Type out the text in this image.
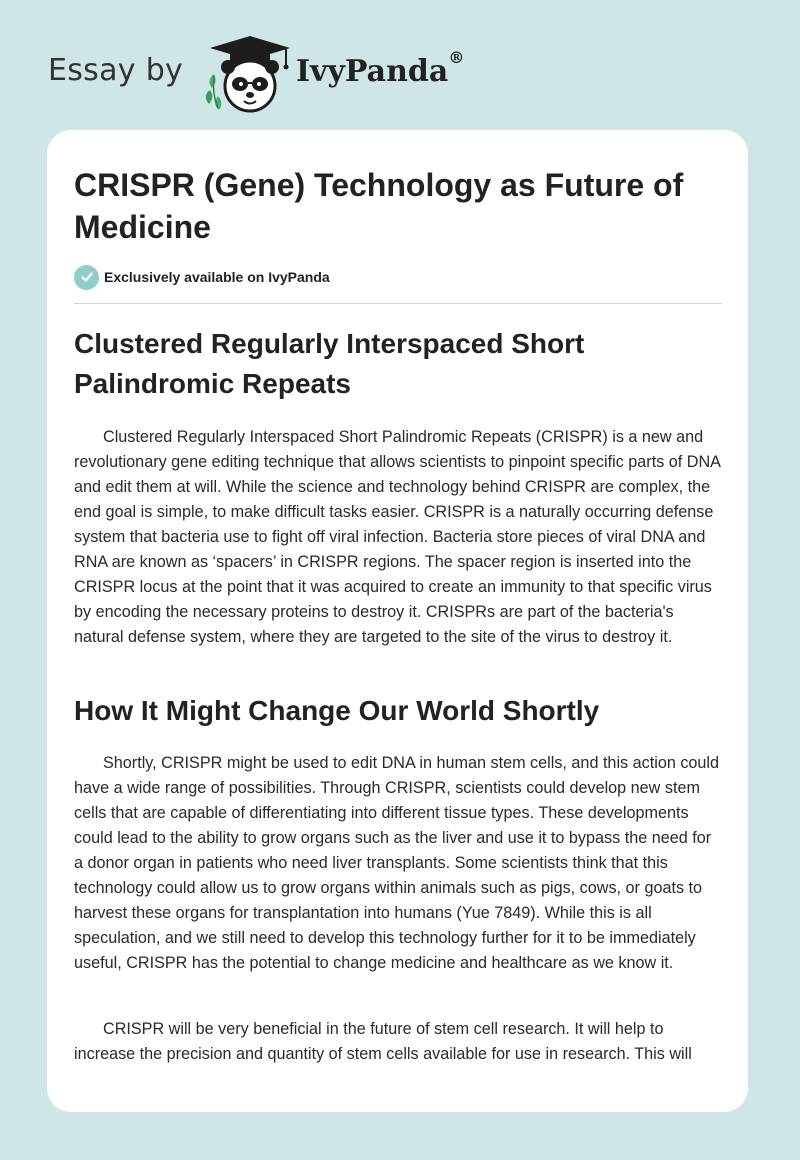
Essay by	IvyPanda®
CRISPR (Gene) Technology as Future of Medicine
Exclusively available on IvyPanda
Clustered Regularly Interspaced Short Palindromic Repeats

Clustered Regularly Interspaced Short Palindromic Repeats (CRISPR) is a new and revolutionary gene editing technique that allows scientists to pinpoint specific parts of DNA and edit them at will. While the science and technology behind CRISPR are complex, the end goal is simple, to make difficult tasks easier. CRISPR is a naturally occurring defense system that bacteria use to fight off viral infection. Bacteria store pieces of viral DNA and RNA are known as ‘spacers’ in CRISPR regions. The spacer region is inserted into the CRISPR locus at the point that it was acquired to create an immunity to that specific virus by encoding the necessary proteins to destroy it. CRISPRs are part of the bacteria's natural defense system, where they are targeted to the site of the virus to destroy it.

How It Might Change Our World Shortly

Shortly, CRISPR might be used to edit DNA in human stem cells, and this action could have a wide range of possibilities. Through CRISPR, scientists could develop new stem cells that are capable of differentiating into different tissue types. These developments could lead to the ability to grow organs such as the liver and use it to bypass the need for a donor organ in patients who need liver transplants. Some scientists think that this technology could allow us to grow organs within animals such as pigs, cows, or goats to harvest these organs for transplantation into humans (Yue 7849). While this is all speculation, and we still need to develop this technology further for it to be immediately useful, CRISPR has the potential to change medicine and healthcare as we know it.

CRISPR will be very beneficial in the future of stem cell research. It will help to increase the precision and quantity of stem cells available for use in research. This will
